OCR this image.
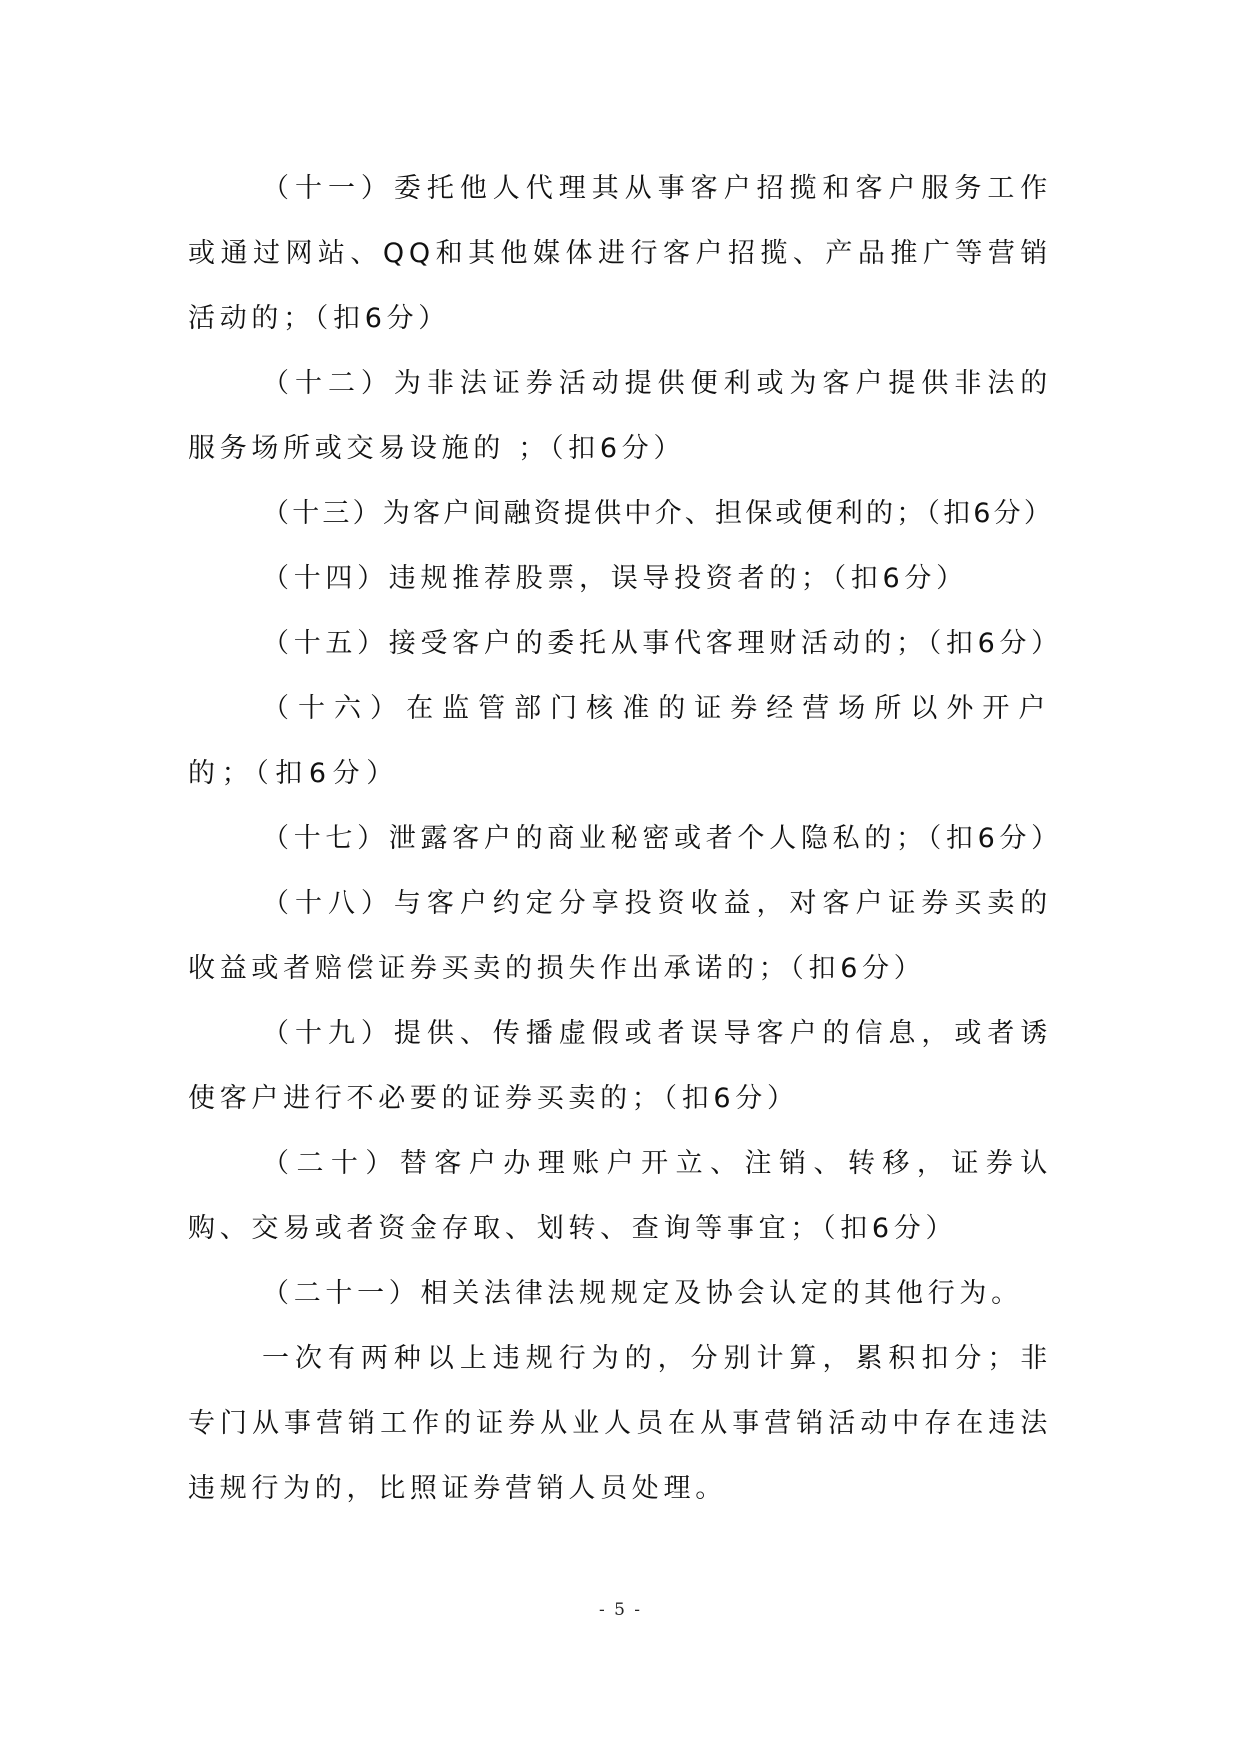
（十一）委托他人代理其从事客户招揽和客户服务工作或通过网站、QQ和其他媒体进行客户招揽、产品推广等营销活动的；（扣6分）

（十二）为非法证券活动提供便利或为客户提供非法的服务场所或交易设施的 ；（扣6分）

（十三）为客户间融资提供中介、担保或便利的；（扣6分）

（十四）违规推荐股票，误导投资者的；（扣6分）

（十五）接受客户的委托从事代客理财活动的；（扣6分）

（十六）在监管部门核准的证券经营场所以外开户的；（扣6分）

（十七）泄露客户的商业秘密或者个人隐私的；（扣6分）

（十八）与客户约定分享投资收益，对客户证券买卖的收益或者赔偿证券买卖的损失作出承诺的；（扣6分）

（十九）提供、传播虚假或者误导客户的信息，或者诱使客户进行不必要的证券买卖的；（扣6分）

（二十）替客户办理账户开立、注销、转移，证券认购、交易或者资金存取、划转、查询等事宜；（扣6分）

（二十一）相关法律法规规定及协会认定的其他行为。

一次有两种以上违规行为的，分别计算，累积扣分；非专门从事营销工作的证券从业人员在从事营销活动中存在违法违规行为的，比照证券营销人员处理。

- 5 -
